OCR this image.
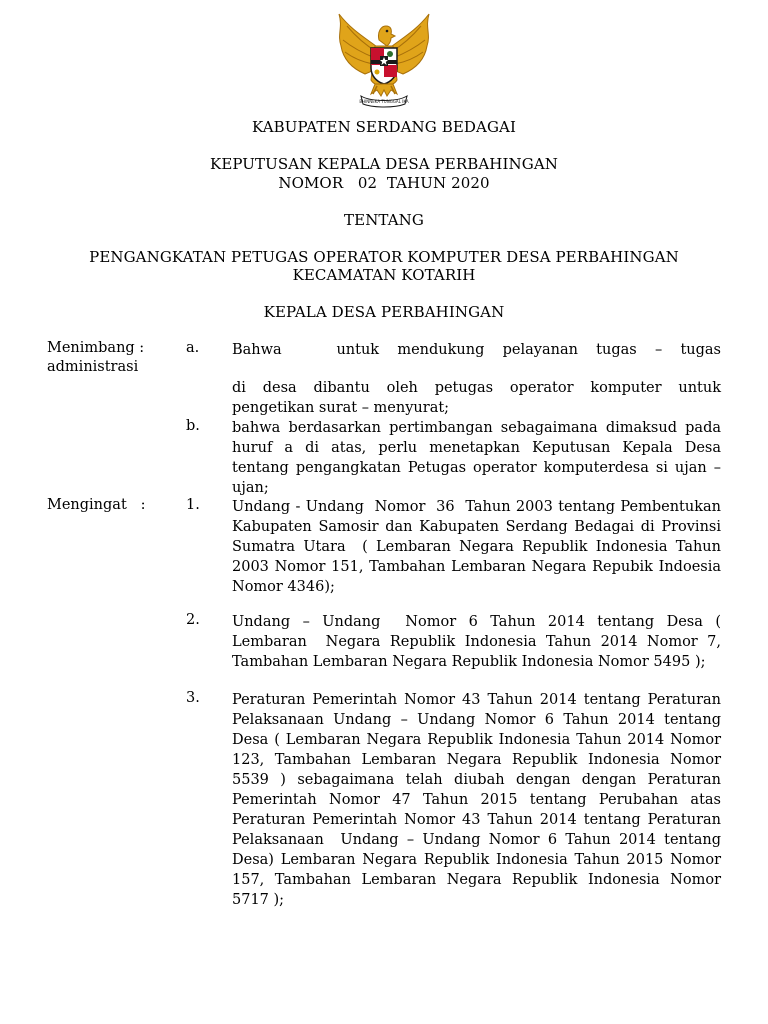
BHINNEKA TUNGGAL IKA
KABUPATEN SERDANG BEDAGAI
KEPUTUSAN KEPALA DESA PERBAHINGAN
NOMOR   02  TAHUN 2020
TENTANG
PENGANGKATAN PETUGAS OPERATOR KOMPUTER DESA PERBAHINGAN
KECAMATAN KOTARIH
KEPALA DESA PERBAHINGAN
Menimbang :
administrasi
a. Bahwa   untuk mendukung pelayanan tugas – tugas
di desa dibantu oleh petugas operator komputer untuk pengetikan surat – menyurat;
b. bahwa berdasarkan pertimbangan sebagaimana dimaksud pada huruf a di atas, perlu menetapkan Keputusan Kepala Desa tentang pengangkatan Petugas operator komputerdesa si ujan – ujan;
Mengingat   :	1. Undang - Undang  Nomor  36  Tahun 2003 tentang Pembentukan Kabupaten Samosir dan Kabupaten Serdang Bedagai di Provinsi Sumatra Utara  ( Lembaran Negara Republik Indonesia Tahun 2003 Nomor 151, Tambahan Lembaran Negara Repubik Indoesia Nomor 4346);
2. Undang – Undang  Nomor 6 Tahun 2014 tentang Desa ( Lembaran  Negara Republik Indonesia Tahun 2014 Nomor 7, Tambahan Lembaran Negara Republik Indonesia Nomor 5495 );
3. Peraturan Pemerintah Nomor 43 Tahun 2014 tentang Peraturan Pelaksanaan Undang – Undang Nomor 6 Tahun 2014 tentang Desa ( Lembaran Negara Republik Indonesia Tahun 2014 Nomor 123, Tambahan Lembaran Negara Republik Indonesia Nomor 5539 ) sebagaimana telah diubah dengan dengan Peraturan Pemerintah Nomor 47 Tahun 2015 tentang Perubahan atas Peraturan Pemerintah Nomor 43 Tahun 2014 tentang Peraturan Pelaksanaan  Undang – Undang Nomor 6 Tahun 2014 tentang Desa) Lembaran Negara Republik Indonesia Tahun 2015 Nomor 157, Tambahan Lembaran Negara Republik Indonesia Nomor 5717 );
